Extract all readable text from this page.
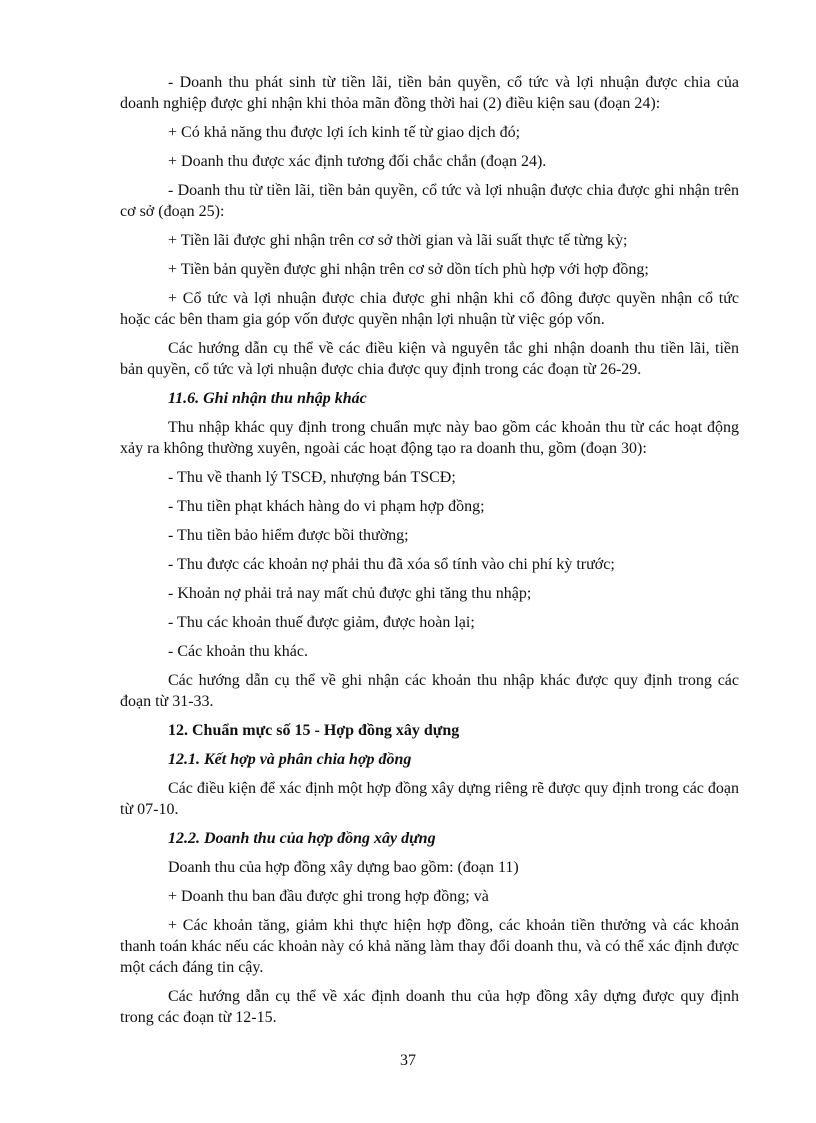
- Doanh thu phát sinh từ tiền lãi, tiền bản quyền, cổ tức và lợi nhuận được chia của doanh nghiệp được ghi nhận khi thỏa mãn đồng thời hai (2) điều kiện sau (đoạn 24):

+ Có khả năng thu được lợi ích kinh tế từ giao dịch đó;

+ Doanh thu được xác định tương đối chắc chắn (đoạn 24).

- Doanh thu từ tiền lãi, tiền bản quyền, cổ tức và lợi nhuận được chia được ghi nhận trên cơ sở (đoạn 25):

+ Tiền lãi được ghi nhận trên cơ sở thời gian và lãi suất thực tế từng kỳ;

+ Tiền bản quyền được ghi nhận trên cơ sở dồn tích phù hợp với hợp đồng;

+ Cổ tức và lợi nhuận được chia được ghi nhận khi cổ đông được quyền nhận cổ tức hoặc các bên tham gia góp vốn được quyền nhận lợi nhuận từ việc góp vốn.

Các hướng dẫn cụ thể về các điều kiện và nguyên tắc ghi nhận doanh thu tiền lãi, tiền bản quyền, cổ tức và lợi nhuận được chia được quy định trong các đoạn từ 26-29.

11.6. Ghi nhận thu nhập khác

Thu nhập khác quy định trong chuẩn mực này bao gồm các khoản thu từ các hoạt động xảy ra không thường xuyên, ngoài các hoạt động tạo ra doanh thu, gồm (đoạn 30):

- Thu về thanh lý TSCĐ, nhượng bán TSCĐ;

- Thu tiền phạt khách hàng do vi phạm hợp đồng;

- Thu tiền bảo hiểm được bồi thường;

- Thu được các khoản nợ phải thu đã xóa sổ tính vào chi phí kỳ trước;

- Khoản nợ phải trả nay mất chủ được ghi tăng thu nhập;

- Thu các khoản thuế được giảm, được hoàn lại;

- Các khoản thu khác.

Các hướng dẫn cụ thể về ghi nhận các khoản thu nhập khác được quy định trong các đoạn từ 31-33.

12. Chuẩn mực số 15 - Hợp đồng xây dựng

12.1. Kết hợp và phân chia hợp đồng

Các điều kiện để xác định một hợp đồng xây dựng riêng rẽ được quy định trong các đoạn từ 07-10.

12.2. Doanh thu của hợp đồng xây dựng

Doanh thu của hợp đồng xây dựng bao gồm: (đoạn 11)

+ Doanh thu ban đầu được ghi trong hợp đồng; và

+ Các khoản tăng, giảm khi thực hiện hợp đồng, các khoản tiền thưởng và các khoản thanh toán khác nếu các khoản này có khả năng làm thay đổi doanh thu, và có thể xác định được một cách đáng tin cậy.

Các hướng dẫn cụ thể về xác định doanh thu của hợp đồng xây dựng được quy định trong các đoạn từ 12-15.

37
